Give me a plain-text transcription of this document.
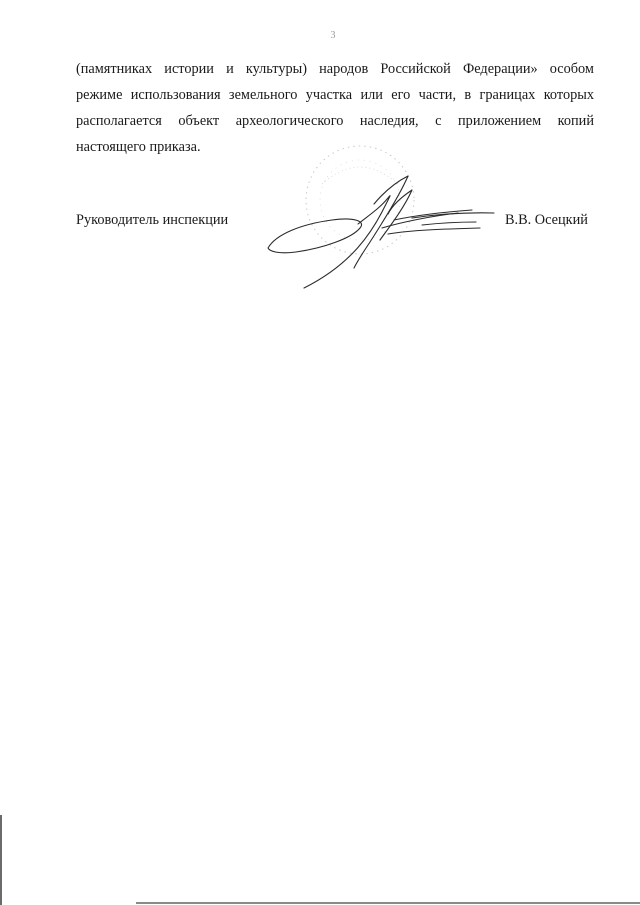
3

(памятниках истории и культуры) народов Российской Федерации» особом
режиме использования земельного участка или его части, в границах которых
располагается объект археологического наследия, с приложением копий
настоящего приказа.

Руководитель инспекции	В.В. Осецкий
